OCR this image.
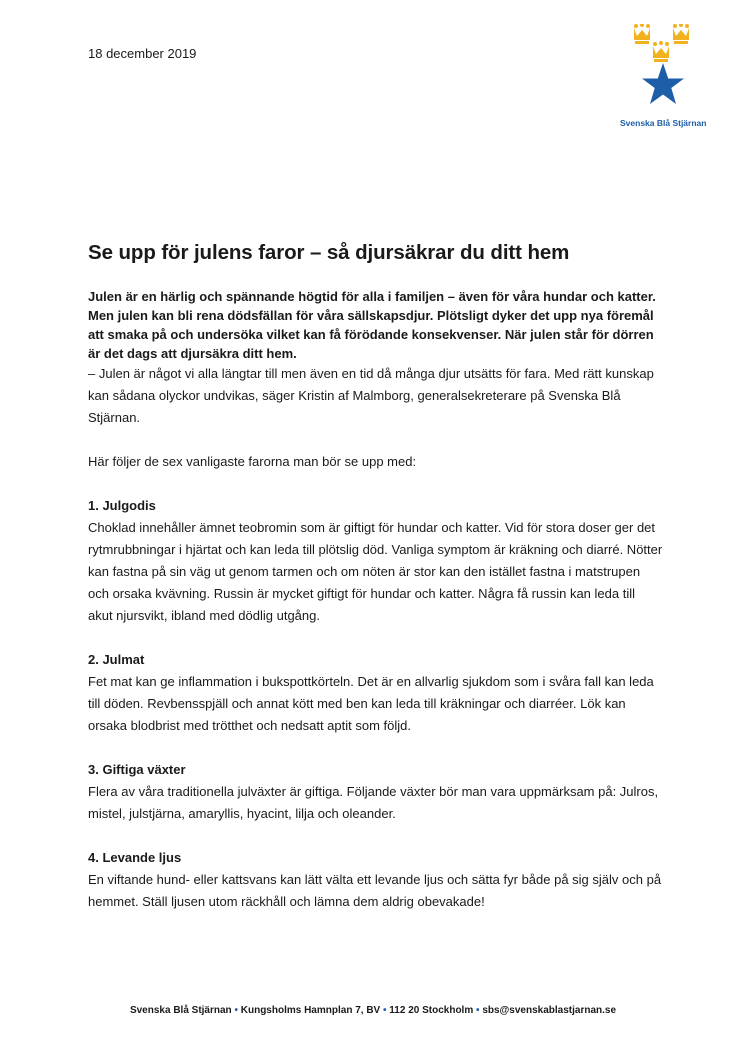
18 december 2019
Svenska Blå Stjärnan
Se upp för julens faror – så djursäkrar du ditt hem

Julen är en härlig och spännande högtid för alla i familjen – även för våra hundar och katter. Men julen kan bli rena dödsfällan för våra sällskapsdjur. Plötsligt dyker det upp nya föremål att smaka på och undersöka vilket kan få förödande konsekvenser. När julen står för dörren är det dags att djursäkra ditt hem.

– Julen är något vi alla längtar till men även en tid då många djur utsätts för fara. Med rätt kunskap kan sådana olyckor undvikas, säger Kristin af Malmborg, generalsekreterare på Svenska Blå Stjärnan.

Här följer de sex vanligaste farorna man bör se upp med:

1. Julgodis

Choklad innehåller ämnet teobromin som är giftigt för hundar och katter. Vid för stora doser ger det rytmrubbningar i hjärtat och kan leda till plötslig död. Vanliga symptom är kräkning och diarré. Nötter kan fastna på sin väg ut genom tarmen och om nöten är stor kan den istället fastna i matstrupen och orsaka kvävning. Russin är mycket giftigt för hundar och katter. Några få russin kan leda till akut njursvikt, ibland med dödlig utgång.

2. Julmat

Fet mat kan ge inflammation i bukspottkörteln. Det är en allvarlig sjukdom som i svåra fall kan leda till döden. Revbensspjäll och annat kött med ben kan leda till kräkningar och diarréer. Lök kan orsaka blodbrist med trötthet och nedsatt aptit som följd.

3. Giftiga växter

Flera av våra traditionella julväxter är giftiga. Följande växter bör man vara uppmärksam på: Julros, mistel, julstjärna, amaryllis, hyacint, lilja och oleander.

4. Levande ljus

En viftande hund- eller kattsvans kan lätt välta ett levande ljus och sätta fyr både på sig själv och på hemmet. Ställ ljusen utom räckhåll och lämna dem aldrig obevakade!

Svenska Blå Stjärnan • Kungsholms Hamnplan 7, BV • 112 20 Stockholm • sbs@svenskablastjarnan.se
